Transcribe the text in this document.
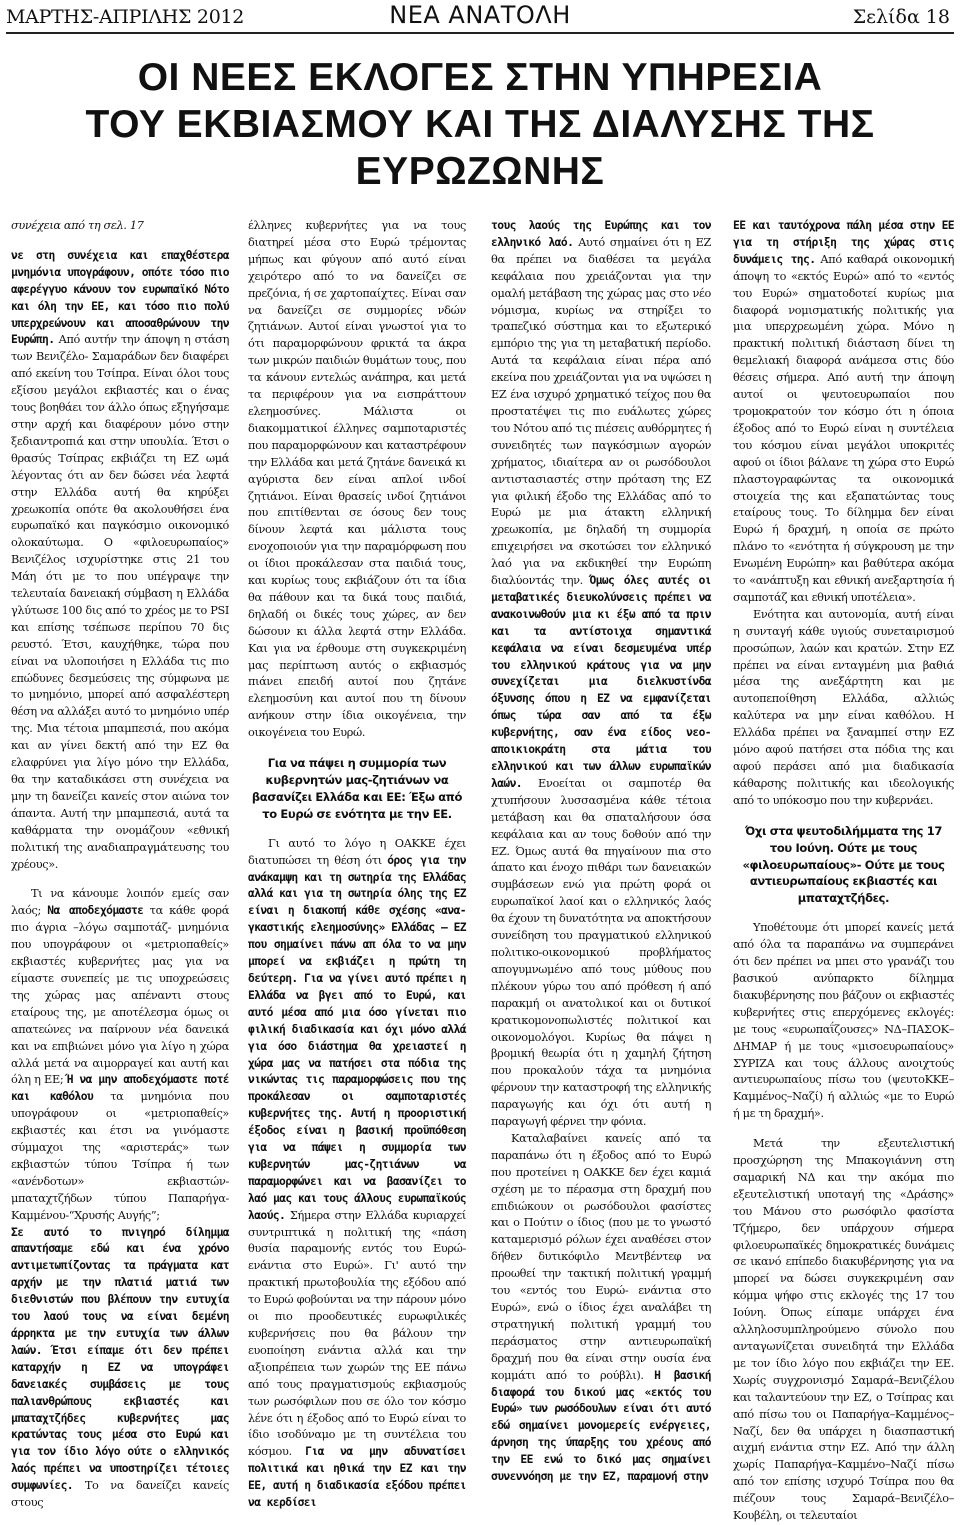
ΜΑΡΤΗΣ-ΑΠΡΙΛΗΣ 2012	ΝΕΑ ΑΝΑΤΟΛΗ	Σελίδα 18
ΟΙ ΝΕΕΣ ΕΚΛΟΓΕΣ ΣΤΗΝ ΥΠΗΡΕΣΙΑ
ΤΟΥ ΕΚΒΙΑΣΜΟΥ ΚΑΙ ΤΗΣ ΔΙΑΛΥΣΗΣ ΤΗΣ
ΕΥΡΩΖΩΝΗΣ

συνέχεια από τη σελ. 17

νε στη συνέχεια και επαχθέστερα μνημόνια υπογράφουν, οπότε τόσο πιο αφερέγγυο κάνουν τον ευρωπαϊκό Νότο και όλη την ΕΕ, και τόσο πιο πολύ υπερχρεώνουν και αποσαθρώνουν την Ευρώπη. Από αυτήν την άποψη η στάση των Βενιζέλο- Σαμαράδων δεν διαφέρει από εκείνη του Τσίπρα. Είναι όλοι τους εξίσου μεγάλοι εκβιαστές και ο ένας τους βοηθάει τον άλλο όπως εξηγήσαμε στην αρχή και διαφέρουν μόνο στην ξεδιαντροπιά και στην υπουλία. Έτσι ο θρασύς Τσίπρας εκβιάζει τη ΕΖ ωμά λέγοντας ότι αν δεν δώσει νέα λεφτά στην Ελλάδα αυτή θα κηρύξει χρεωκοπία οπότε θα ακολουθήσει ένα ευρωπαϊκό και παγκόσμιο οικονομικό ολοκαύτωμα. Ο «φιλοευρωπαίος» Βενιζέλος ισχυρίστηκε στις 21 του Μάη ότι με το που υπέγραψε την τελευταία δανειακή σύμβαση η Ελλάδα γλύτωσε 100 δις από το χρέος με το PSI και επίσης τσέπωσε περίπου 70 δις ρευστό. Έτσι, καυχήθηκε, τώρα που είναι να υλοποιήσει η Ελλάδα τις πιο επώδυνες δεσμεύσεις της σύμφωνα με το μνημόνιο, μπορεί από ασφαλέστερη θέση να αλλάξει αυτό το μνημόνιο υπέρ της. Μια τέτοια μπαμπεσιά, που ακόμα και αν γίνει δεκτή από την ΕΖ θα ελαφρύνει για λίγο μόνο την Ελλάδα, θα την καταδικάσει στη συνέχεια να μην τη δανείζει κανείς στον αιώνα τον άπαντα. Αυτή την μπαμπεσιά, αυτά τα καθάρματα την ονομάζουν «εθνική πολιτική της αναδιαπραγμάτευσης του χρέους».

Τι να κάνουμε λοιπόν εμείς σαν λαός; Να αποδεχόμαστε τα κάθε φορά πιο άγρια –λόγω σαμποτάζ- μνημόνια που υπογράφουν οι «μετριοπαθείς» εκβιαστές κυβερνήτες μας για να είμαστε συνεπείς με τις υποχρεώσεις της χώρας μας απέναντι στους εταίρους της, με αποτέλεσμα όμως οι απατεώνες να παίρνουν νέα δανεικά και να επιβιώνει μόνο για λίγο η χώρα αλλά μετά να αιμορραγεί και αυτή και όλη η ΕΕ; Ή να μην αποδεχόμαστε ποτέ και καθόλου τα μνημόνια που υπογράφουν οι «μετριοπαθείς» εκβιαστές και έτσι να γινόμαστε σύμμαχοι της «αριστεράς» των εκβιαστών τύπου Τσίπρα ή των «ανένδοτων» εκβιαστών-μπαταχτζήδων τύπου Παπαρήγα-Καμμένου-“Χρυσής Αυγής”;

Σε αυτό το πνιγηρό δίλημμα απαντήσαμε εδώ και ένα χρόνο αντιμετωπίζοντας τα πράγματα κατ αρχήν με την πλατιά ματιά των διεθνιστών που βλέπουν την ευτυχία του λαού τους να είναι δεμένη άρρηκτα με την ευτυχία των άλλων λαών. Έτσι είπαμε ότι δεν πρέπει καταρχήν η ΕΖ να υπογράφει δανειακές συμβάσεις με τους παλιανθρώπους εκβιαστές και μπαταχτζήδες κυβερνήτες μας κρατώντας τους μέσα στο Ευρώ και για τον ίδιο λόγο ούτε ο ελληνικός λαός πρέπει να υποστηρίζει τέτοιες συμφωνίες. Το να δανείζει κανείς στους

έλληνες κυβερνήτες για να τους διατηρεί μέσα στο Ευρώ τρέμοντας μήπως και φύγουν από αυτό είναι χειρότερο από το να δανείζει σε πρεζόνια, ή σε χαρτοπαίχτες. Είναι σαν να δανείζει σε συμμορίες νδών ζητιάνων. Αυτοί είναι γνωστοί για το ότι παραμορφώνουν φρικτά τα άκρα των μικρών παιδιών θυμάτων τους, που τα κάνουν εντελώς ανάπηρα, και μετά τα περιφέρουν για να εισπράττουν ελεημοσύνες. Μάλιστα οι διακομματικοί έλληνες σαμποταριστές που παραμορφώνουν και καταστρέφουν την Ελλάδα και μετά ζητάνε δανεικά κι αγύριστα δεν είναι απλοί ινδοί ζητιάνοι. Είναι θρασείς ινδοί ζητιάνοι που επιτίθενται σε όσους δεν τους δίνουν λεφτά και μάλιστα τους ενοχοποιούν για την παραμόρφωση που οι ίδιοι προκάλεσαν στα παιδιά τους, και κυρίως τους εκβιάζουν ότι τα ίδια θα πάθουν και τα δικά τους παιδιά, δηλαδή οι δικές τους χώρες, αν δεν δώσουν κι άλλα λεφτά στην Ελλάδα. Και για να έρθουμε στη συγκεκριμένη μας περίπτωση αυτός ο εκβιασμός πιάνει επειδή αυτοί που ζητάνε ελεημοσύνη και αυτοί που τη δίνουν ανήκουν στην ίδια οικογένεια, την οικογένεια του Ευρώ.

Για να πάψει η συμμορία των κυβερνητών μας-ζητιάνων να βασανίζει Ελλάδα και ΕΕ: Έξω από το Ευρώ σε ενότητα με την ΕΕ.

Γι αυτό το λόγο η ΟΑΚΚΕ έχει διατυπώσει τη θέση ότι όρος για την ανάκαμψη και τη σωτηρία της Ελλάδας αλλά και για τη σωτηρία όλης της ΕΖ είναι η διακοπή κάθε σχέσης «ανα-γκαστικής ελεημοσύνης» Ελλάδας – ΕΖ που σημαίνει πάνω απ όλα το να μην μπορεί να εκβιάζει η πρώτη τη δεύτερη. Για να γίνει αυτό πρέπει η Ελλάδα να βγει από το Ευρώ, και αυτό μέσα από μια όσο γίνεται πιο φιλική διαδικασία και όχι μόνο αλλά για όσο διάστημα θα χρειαστεί η χώρα μας να πατήσει στα πόδια της νικώντας τις παραμορφώσεις που της προκάλεσαν οι σαμποταριστές κυβερνήτες της. Αυτή η προοριστική έξοδος είναι η βασική προϋπόθεση για να πάψει η συμμορία των κυβερνητών μας-ζητιάνων να παραμορφώνει και να βασανίζει το λαό μας και τους άλλους ευρωπαϊκούς λαούς. Σήμερα στην Ελλάδα κυριαρχεί συντριπτικά η πολιτική της «πάση θυσία παραμονής εντός του Ευρώ- ενάντια στο Ευρώ». Γι' αυτό την πρακτική πρωτοβουλία της εξόδου από το Ευρώ φοβούνται να την πάρουν μόνο οι πιο προοδευτικές ευρωφιλικές κυβερνήσεις που θα βάλουν την ευοποίηση ενάντια αλλά και την αξιοπρέπεια των χωρών της ΕΕ πάνω από τους πραγματισμούς εκβιασμούς των ρωσόφιλων που σε όλο τον κόσμο λένε ότι η έξοδος από το Ευρώ είναι το ίδιο ισοδύναμο με τη συντέλεια του κόσμου. Για να μην αδυνατίσει πολιτικά και ηθικά την ΕΖ και την ΕΕ, αυτή η διαδικασία εξόδου πρέπει να κερδίσει

τους λαούς της Ευρώπης και τον ελληνικό λαό. Αυτό σημαίνει ότι η ΕΖ θα πρέπει να διαθέσει τα μεγάλα κεφάλαια που χρειάζονται για την ομαλή μετάβαση της χώρας μας στο νέο νόμισμα, κυρίως να στηρίξει το τραπεζικό σύστημα και το εξωτερικό εμπόριο της για τη μεταβατική περίοδο. Αυτά τα κεφάλαια είναι πέρα από εκείνα που χρειάζονται για να υψώσει η ΕΖ ένα ισχυρό χρηματικό τείχος που θα προστατέψει τις πιο ευάλωτες χώρες του Νότου από τις πιέσεις αυθόρμητες ή συνειδητές των παγκόσμιων αγορών χρήματος, ιδιαίτερα αν οι ρωσόδουλοι αντιστασιαστές στην πρόταση της ΕΖ για φιλική έξοδο της Ελλάδας από το Ευρώ με μια άτακτη ελληνική χρεωκοπία, με δηλαδή τη συμμορία επιχειρήσει να σκοτώσει τον ελληνικό λαό για να εκδικηθεί την Ευρώπη διαλύοντάς την. Όμως όλες αυτές οι μεταβατικές διευκολύνσεις πρέπει να ανακοινωθούν μια κι έξω από τα πριν και τα αντίστοιχα σημαντικά κεφάλαια να είναι δεσμευμένα υπέρ του ελληνικού κράτους για να μην συνεχίζεται μια διελκυστίνδα όξυνσης όπου η ΕΖ να εμφανίζεται όπως τώρα σαν από τα έξω κυβερνήτης, σαν ένα είδος νεο-αποικιοκράτη στα μάτια του ελληνικού και των άλλων ευρωπαϊκών λαών. Ενοείται οι σαμποτέρ θα χτυπήσουν λυσσασμένα κάθε τέτοια μετάβαση και θα σπαταλήσουν όσα κεφάλαια και αν τους δοθούν από την ΕΖ. Όμως αυτά θα πηγαίνουν πια στο άπατο και ένοχο πιθάρι των δανειακών συμβάσεων ενώ για πρώτη φορά οι ευρωπαϊκοί λαοί και ο ελληνικός λαός θα έχουν τη δυνατότητα να αποκτήσουν συνείδηση του πραγματικού ελληνικού πολιτικο-οικονομικού προβλήματος απογυμνωμένο από τους μύθους που πλέκουν γύρω του από πρόθεση ή από παρακμή οι ανατολικοί και οι δυτικοί κρατικομονοπωλιστές πολιτικοί και οικονομολόγοι. Κυρίως θα πάψει η βρομική θεωρία ότι η χαμηλή ζήτηση που προκαλούν τάχα τα μνημόνια φέρνουν την καταστροφή της ελληνικής παραγωγής και όχι ότι αυτή η παραγωγή φέρνει την φόνια.

Καταλαβαίνει κανείς από τα παραπάνω ότι η έξοδος από το Ευρώ που προτείνει η ΟΑΚΚΕ δεν έχει καμιά σχέση με το πέρασμα στη δραχμή που επιδιώκουν οι ρωσόδουλοι φασίστες και ο Πούτιν ο ίδιος (που με το γνωστό καταμερισμό ρόλων έχει αναθέσει στον δήθεν δυτικόφιλο Μεντβέντεφ να προωθεί την τακτική πολιτική γραμμή του «εντός του Ευρώ- ενάντια στο Ευρώ», ενώ ο ίδιος έχει αναλάβει τη στρατηγική πολιτική γραμμή του περάσματος στην αντιευρωπαϊκή δραχμή που θα είναι στην ουσία ένα κομμάτι από το ρούβλι). Η βασική διαφορά του δικού μας «εκτός του Ευρώ» των ρωσόδουλων είναι ότι αυτό εδώ σημαίνει μονομερείς ενέργειες, άρνηση της ύπαρξης του χρέους από την ΕΕ ενώ το δικό μας σημαίνει συνεννόηση με την ΕΖ, παραμονή στην

ΕΕ και ταυτόχρονα πάλη μέσα στην ΕΕ για τη στήριξη της χώρας στις δυνάμεις της. Από καθαρά οικονομική άποψη το «εκτός Ευρώ» από το «εντός του Ευρώ» σηματοδοτεί κυρίως μια διαφορά νομισματικής πολιτικής για μια υπερχρεωμένη χώρα. Μόνο η πρακτική πολιτική διάσταση δίνει τη θεμελιακή διαφορά ανάμεσα στις δύο θέσεις σήμερα. Από αυτή την άποψη αυτοί οι ψευτοευρωπαίοι που τρομοκρατούν τον κόσμο ότι η όποια έξοδος από το Ευρώ είναι η συντέλεια του κόσμου είναι μεγάλοι υποκριτές αφού οι ίδιοι βάλανε τη χώρα στο Ευρώ πλαστογραφώντας τα οικονομικά στοιχεία της και εξαπατώντας τους εταίρους τους. Το δίλημμα δεν είναι Ευρώ ή δραχμή, η οποία σε πρώτο πλάνο το «ενότητα ή σύγκρουση με την Ενωμένη Ευρώπη» και βαθύτερα ακόμα το «ανάπτυξη και εθνική ανεξαρτησία ή σαμποτάζ και εθνική υποτέλεια».

Ενότητα και αυτονομία, αυτή είναι η συνταγή κάθε υγιούς συνεταιρισμού προσώπων, λαών και κρατών. Στην ΕΖ πρέπει να είναι ενταγμένη μια βαθιά μέσα της ανεξάρτητη και με αυτοπεποίθηση Ελλάδα, αλλιώς καλύτερα να μην είναι καθόλου. Η Ελλάδα πρέπει να ξαναμπεί στην ΕΖ μόνο αφού πατήσει στα πόδια της και αφού περάσει από μια διαδικασία κάθαρσης πολιτικής και ιδεολογικής από το υπόκοσμο που την κυβερνάει.

Όχι στα ψευτοδιλήμματα της 17 του Ιούνη. Ούτε με τους «φιλοευρωπαίους»- Ούτε με τους αντιευρωπαίους εκβιαστές και μπαταχτζήδες.

Υποθέτουμε ότι μπορεί κανείς μετά από όλα τα παραπάνω να συμπεράνει ότι δεν πρέπει να μπει στο γρανάζι του βασικού ανύπαρκτο δίλημμα διακυβέρνησης που βάζουν οι εκβιαστές κυβερνήτες στις επερχόμενες εκλογές: με τους «ευρωπαΐζουσες» ΝΔ–ΠΑΣΟΚ– ΔΗΜΑΡ ή με τους «μισοευρωπαίους» ΣΥΡΙΖΑ και τους άλλους ανοιχτούς αντιευρωπαίους πίσω του (ψευτοΚΚΕ–Καμμένος–Ναζί) ή αλλιώς «με το Ευρώ ή με τη δραχμή».

Μετά την εξευτελιστική προσχώρηση της Μπακογιάννη στη σαμαρική ΝΔ και την ακόμα πιο εξευτελιστική υποταγή της «Δράσης» του Μάνου στο ρωσόφιλο φασίστα Τζήμερο, δεν υπάρχουν σήμερα φιλοευρωπαϊκές δημοκρατικές δυνάμεις σε ικανό επίπεδο διακυβέρνησης για να μπορεί να δώσει συγκεκριμένη σαν κόμμα ψήφο στις εκλογές της 17 του Ιούνη. Όπως είπαμε υπάρχει ένα αλληλοσυμπληρούμενο σύνολο που ανταγωνίζεται συνειδητά την Ελλάδα με τον ίδιο λόγο που εκβιάζει την ΕΕ. Χωρίς συγχρονισμό Σαμαρά–Βενιζέλου και ταλαντεύουν την ΕΖ, ο Τσίπρας και από πίσω του οι Παπαρήγα–Καμμένος–Ναζί, δεν θα υπάρχει η διασπαστική αιχμή ενάντια στην ΕΖ. Από την άλλη χωρίς Παπαρήγα–Καμμένο–Ναζί πίσω από τον επίσης ισχυρό Τσίπρα που θα πιέζουν τους Σαμαρά–Βενιζέλο–Κουβέλη, οι τελευταίοι
